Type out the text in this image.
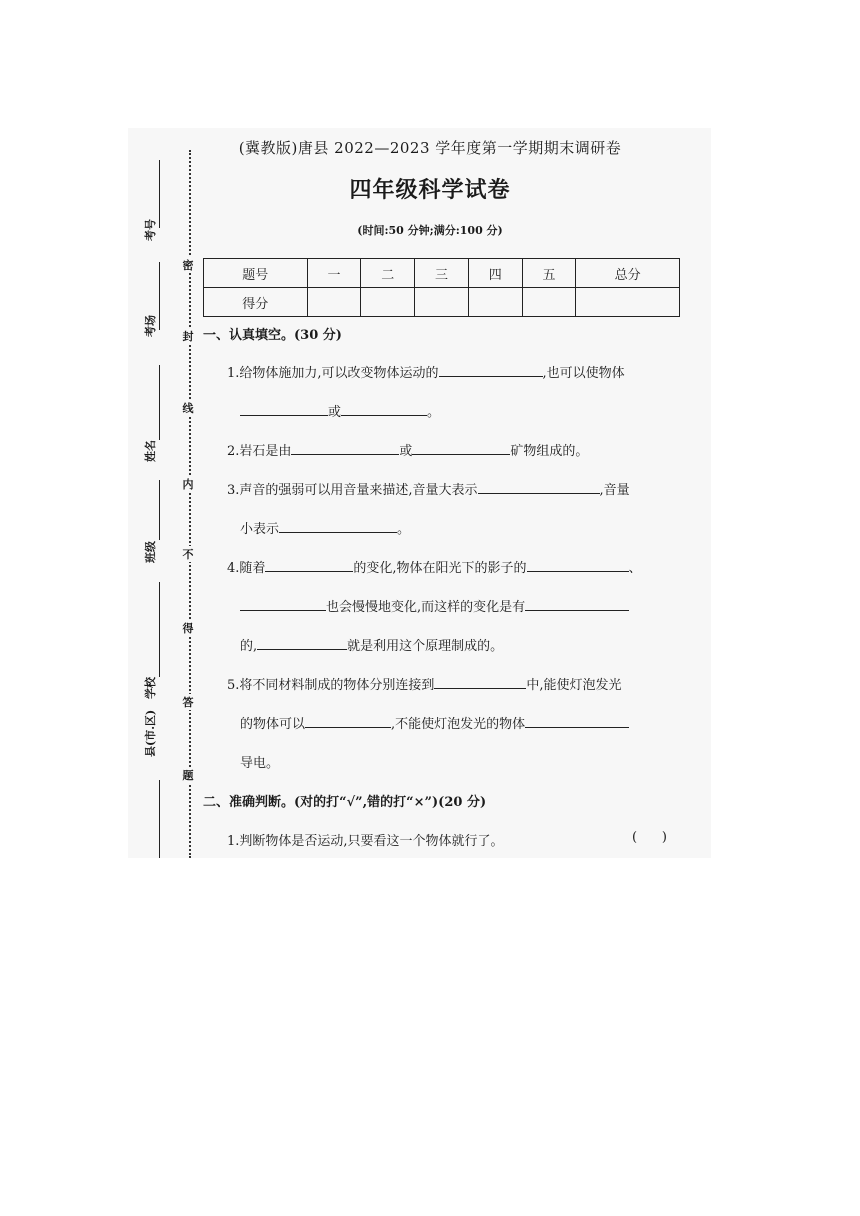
考号
考场
姓名
班级
学校
密
封
线
内
不
得
答
题
(冀教版)唐县 2022—2023 学年度第一学期期末调研卷
四年级科学试卷
(时间:50 分钟;满分:100 分)
题号	一	二	三	四	五	总分
得分						
一、认真填空。(30 分)
1.给物体施加力,可以改变物体运动的	,也可以使物体
或	。
2.岩石是由	或	矿物组成的。
3.声音的强弱可以用音量来描述,音量大表示	,音量
小表示	。
4.随着	的变化,物体在阳光下的影子的	、
也会慢慢地变化,而这样的变化是有
的,	就是利用这个原理制成的。
5.将不同材料制成的物体分别连接到	中,能使灯泡发光
的物体可以	,不能使灯泡发光的物体
导电。
二、准确判断。(对的打“√”,错的打“×”)(20 分)
1.判断物体是否运动,只要看这一个物体就行了。	(      )
